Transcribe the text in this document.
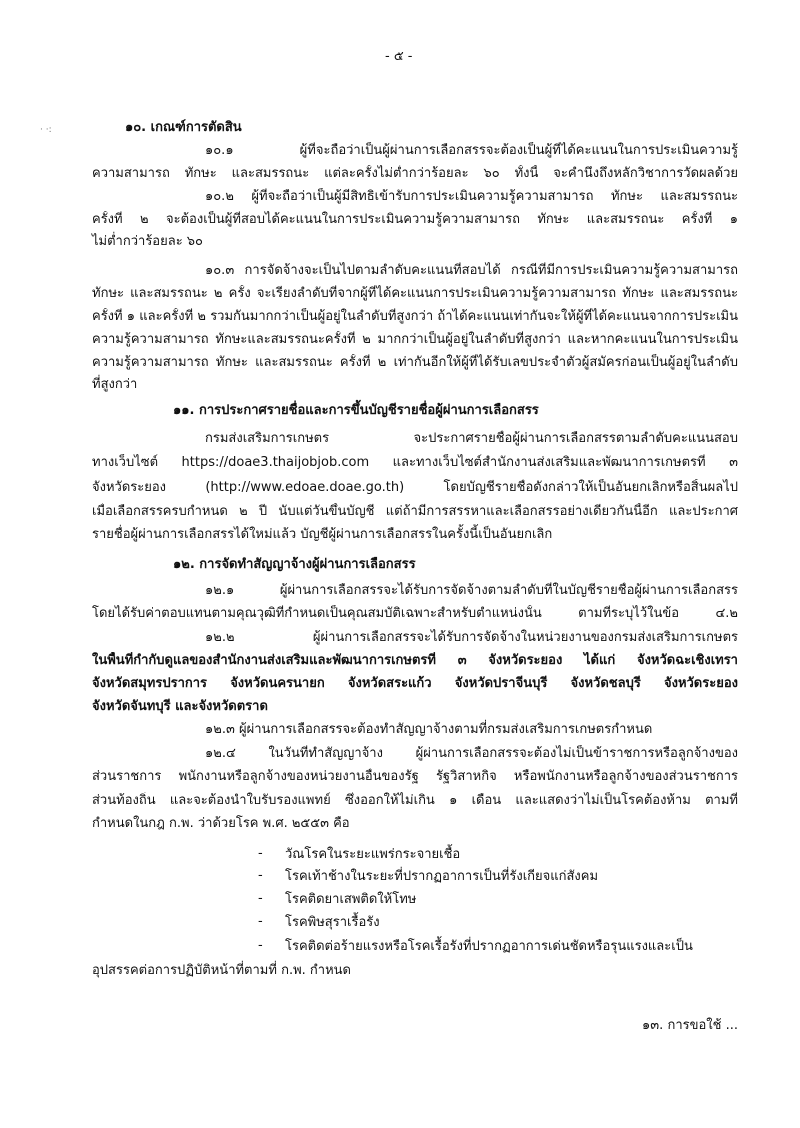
· ·:
- ๕ -
๑๐. เกณฑ์การตัดสิน
๑๐.๑ ผู้ที่จะถือว่าเป็นผู้ผ่านการเลือกสรรจะต้องเป็นผู้ที่ได้คะแนนในการประเมินความรู้
ความสามารถ ทักษะ และสมรรถนะ แต่ละครั้งไม่ต่ำกว่าร้อยละ ๖๐ ทั้งนี้ จะคำนึงถึงหลักวิชาการวัดผลด้วย
๑๐.๒ ผู้ที่จะถือว่าเป็นผู้มีสิทธิเข้ารับการประเมินความรู้ความสามารถ ทักษะ และสมรรถนะ
ครั้งที่ ๒ จะต้องเป็นผู้ที่สอบได้คะแนนในการประเมินความรู้ความสามารถ ทักษะ และสมรรถนะ ครั้งที่ ๑
ไม่ต่ำกว่าร้อยละ ๖๐
๑๐.๓ การจัดจ้างจะเป็นไปตามลำดับคะแนนที่สอบได้ กรณีที่มีการประเมินความรู้ความสามารถ
ทักษะ และสมรรถนะ ๒ ครั้ง จะเรียงลำดับที่จากผู้ที่ได้คะแนนการประเมินความรู้ความสามารถ ทักษะ และสมรรถนะ
ครั้งที่ ๑ และครั้งที่ ๒ รวมกันมากกว่าเป็นผู้อยู่ในลำดับที่สูงกว่า ถ้าได้คะแนนเท่ากันจะให้ผู้ที่ได้คะแนนจากการประเมิน
ความรู้ความสามารถ ทักษะและสมรรถนะครั้งที่ ๒ มากกว่าเป็นผู้อยู่ในลำดับที่สูงกว่า และหากคะแนนในการประเมิน
ความรู้ความสามารถ ทักษะ และสมรรถนะ ครั้งที่ ๒ เท่ากันอีกให้ผู้ที่ได้รับเลขประจำตัวผู้สมัครก่อนเป็นผู้อยู่ในลำดับ
ที่สูงกว่า
๑๑. การประกาศรายชื่อและการขึ้นบัญชีรายชื่อผู้ผ่านการเลือกสรร
กรมส่งเสริมการเกษตร จะประกาศรายชื่อผู้ผ่านการเลือกสรรตามลำดับคะแนนสอบ
ทางเว็บไซต์ https://doae3.thaijobjob.com และทางเว็บไซต์สำนักงานส่งเสริมและพัฒนาการเกษตรที่ ๓
จังหวัดระยอง (http://www.edoae.doae.go.th) โดยบัญชีรายชื่อดังกล่าวให้เป็นอันยกเลิกหรือสิ้นผลไป
เมื่อเลือกสรรครบกำหนด ๒ ปี นับแต่วันขึ้นบัญชี แต่ถ้ามีการสรรหาและเลือกสรรอย่างเดียวกันนี้อีก และประกาศ
รายชื่อผู้ผ่านการเลือกสรรได้ใหม่แล้ว บัญชีผู้ผ่านการเลือกสรรในครั้งนี้เป็นอันยกเลิก
๑๒. การจัดทำสัญญาจ้างผู้ผ่านการเลือกสรร
๑๒.๑ ผู้ผ่านการเลือกสรรจะได้รับการจัดจ้างตามลำดับที่ในบัญชีรายชื่อผู้ผ่านการเลือกสรร
โดยได้รับค่าตอบแทนตามคุณวุฒิที่กำหนดเป็นคุณสมบัติเฉพาะสำหรับตำแหน่งนั้น ตามที่ระบุไว้ในข้อ ๔.๒
๑๒.๒ ผู้ผ่านการเลือกสรรจะได้รับการจัดจ้างในหน่วยงานของกรมส่งเสริมการเกษตร
ในพื้นที่กำกับดูแลของสำนักงานส่งเสริมและพัฒนาการเกษตรที่ ๓ จังหวัดระยอง ได้แก่ จังหวัดฉะเชิงเทรา
จังหวัดสมุทรปราการ จังหวัดนครนายก จังหวัดสระแก้ว จังหวัดปราจีนบุรี จังหวัดชลบุรี จังหวัดระยอง
จังหวัดจันทบุรี และจังหวัดตราด
๑๒.๓ ผู้ผ่านการเลือกสรรจะต้องทำสัญญาจ้างตามที่กรมส่งเสริมการเกษตรกำหนด
๑๒.๔ ในวันที่ทำสัญญาจ้าง ผู้ผ่านการเลือกสรรจะต้องไม่เป็นข้าราชการหรือลูกจ้างของ
ส่วนราชการ พนักงานหรือลูกจ้างของหน่วยงานอื่นของรัฐ รัฐวิสาหกิจ หรือพนักงานหรือลูกจ้างของส่วนราชการ
ส่วนท้องถิ่น และจะต้องนำใบรับรองแพทย์ ซึ่งออกให้ไม่เกิน ๑ เดือน และแสดงว่าไม่เป็นโรคต้องห้าม ตามที่
กำหนดในกฎ ก.พ. ว่าด้วยโรค พ.ศ. ๒๕๕๓ คือ
- วัณโรคในระยะแพร่กระจายเชื้อ
- โรคเท้าช้างในระยะที่ปรากฏอาการเป็นที่รังเกียจแก่สังคม
- โรคติดยาเสพติดให้โทษ
- โรคพิษสุราเรื้อรัง
- โรคติดต่อร้ายแรงหรือโรคเรื้อรังที่ปรากฏอาการเด่นชัดหรือรุนแรงและเป็น
อุปสรรคต่อการปฏิบัติหน้าที่ตามที่ ก.พ. กำหนด
๑๓. การขอใช้ ...
